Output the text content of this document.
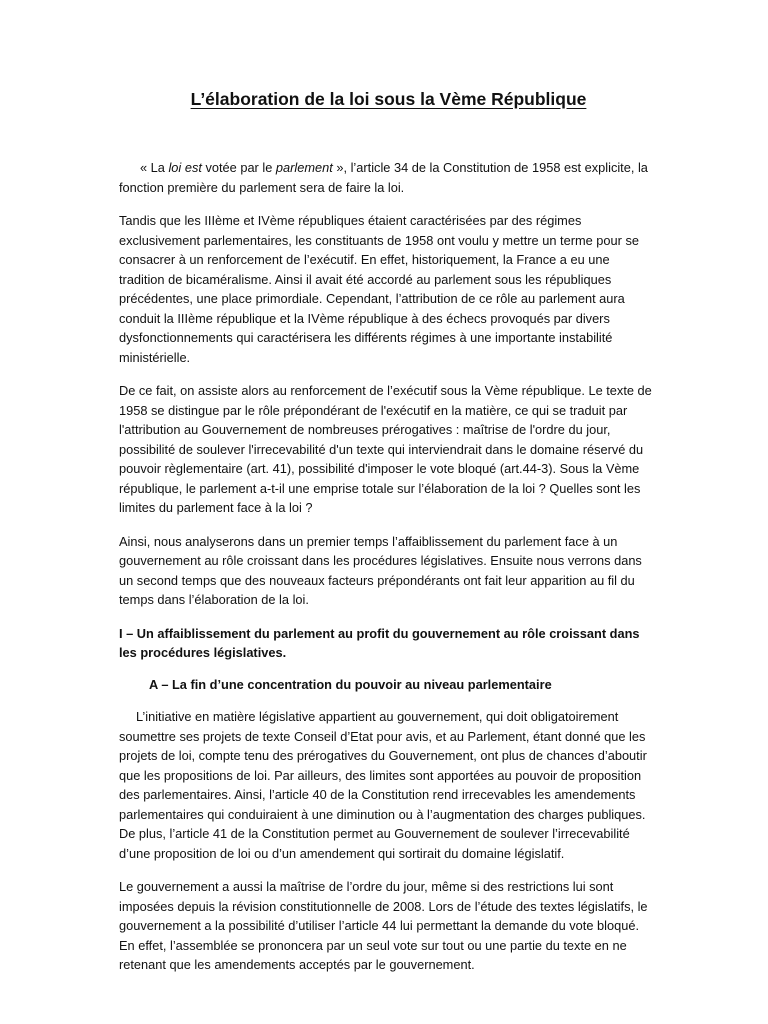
L’élaboration de la loi sous la Vème République

« La loi est votée par le parlement », l’article 34 de la Constitution de 1958 est explicite, la fonction première du parlement sera de faire la loi.

Tandis que les IIIème et IVème républiques étaient caractérisées par des régimes exclusivement parlementaires, les constituants de 1958 ont voulu y mettre un terme pour se consacrer à un renforcement de l’exécutif. En effet, historiquement, la France a eu une tradition de bicaméralisme. Ainsi il avait été accordé au parlement sous les républiques précédentes, une place primordiale. Cependant, l’attribution de ce rôle au parlement aura conduit la IIIème république et la IVème république à des échecs provoqués par divers dysfonctionnements qui caractérisera les différents régimes à une importante instabilité ministérielle.

De ce fait, on assiste alors au renforcement de l’exécutif sous la Vème république. Le texte de 1958 se distingue par le rôle prépondérant de l'exécutif en la matière, ce qui se traduit par l'attribution au Gouvernement de nombreuses prérogatives : maîtrise de l'ordre du jour, possibilité de soulever l'irrecevabilité d'un texte qui interviendrait dans le domaine réservé du pouvoir règlementaire (art. 41), possibilité d'imposer le vote bloqué (art.44-3). Sous la Vème république, le parlement a-t-il une emprise totale sur l’élaboration de la loi ? Quelles sont les limites du parlement face à la loi ?

Ainsi, nous analyserons dans un premier temps l’affaiblissement du parlement face à un gouvernement au rôle croissant dans les procédures législatives. Ensuite nous verrons dans un second temps que des nouveaux facteurs prépondérants ont fait leur apparition au fil du temps dans l’élaboration de la loi.

I – Un affaiblissement du parlement au profit du gouvernement au rôle croissant dans les procédures législatives.

A – La fin d’une concentration du pouvoir au niveau parlementaire

L’initiative en matière législative appartient au gouvernement, qui doit obligatoirement soumettre ses projets de texte Conseil d’Etat pour avis, et au Parlement, étant donné que les projets de loi, compte tenu des prérogatives du Gouvernement, ont plus de chances d’aboutir que les propositions de loi. Par ailleurs, des limites sont apportées au pouvoir de proposition des parlementaires. Ainsi, l’article 40 de la Constitution rend irrecevables les amendements parlementaires qui conduiraient à une diminution ou à l’augmentation des charges publiques. De plus, l’article 41 de la Constitution permet au Gouvernement de soulever l’irrecevabilité d’une proposition de loi ou d’un amendement qui sortirait du domaine législatif.

Le gouvernement a aussi la maîtrise de l’ordre du jour, même si des restrictions lui sont imposées depuis la révision constitutionnelle de 2008. Lors de l’étude des textes législatifs, le gouvernement a la possibilité d’utiliser l’article 44 lui permettant la demande du vote bloqué. En effet, l’assemblée se prononcera par un seul vote sur tout ou une partie du texte en ne retenant que les amendements acceptés par le gouvernement.
